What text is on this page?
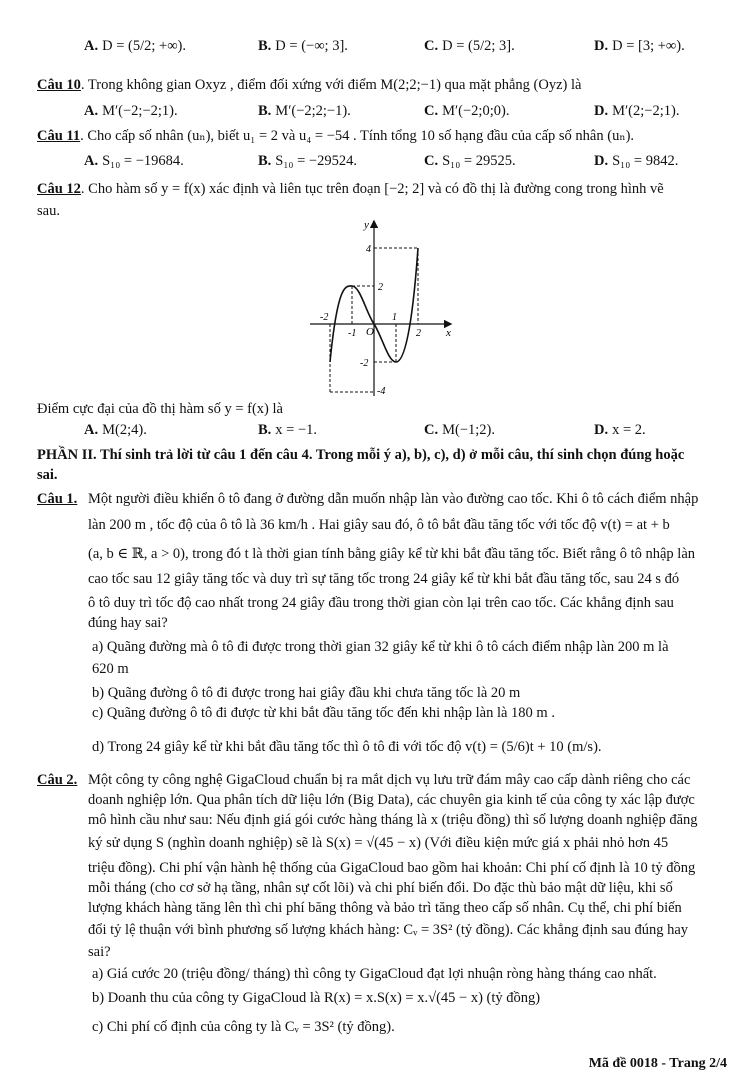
A. D = (5/2; +∞).	B. D = (−∞; 3].	C. D = (5/2; 3].	D. D = [3; +∞).
Câu 10. Trong không gian Oxyz , điểm đối xứng với điểm M(2;2;−1) qua mặt phẳng (Oyz) là
A. M′(−2;−2;1).	B. M′(−2;2;−1).	C. M′(−2;0;0).	D. M′(2;−2;1).
Câu 11. Cho cấp số nhân (uₙ), biết u₁ = 2 và u₄ = −54 . Tính tổng 10 số hạng đầu của cấp số nhân (uₙ).
A. S₁₀ = −19684.	B. S₁₀ = −29524.	C. S₁₀ = 29525.	D. S₁₀ = 9842.
Câu 12. Cho hàm số y = f(x) xác định và liên tục trên đoạn [−2; 2] và có đồ thị là đường cong trong hình vẽ
sau.
y
x
O
4
2
-2
-4
-2
-1
1
2
Điểm cực đại của đồ thị hàm số y = f(x) là
A. M(2;4).	B. x = −1.	C. M(−1;2).	D. x = 2.
PHẦN II. Thí sinh trả lời từ câu 1 đến câu 4. Trong mỗi ý a), b), c), d) ở mỗi câu, thí sinh chọn đúng hoặc
sai.
Câu 1. Một người điều khiển ô tô đang ở đường dẫn muốn nhập làn vào đường cao tốc. Khi ô tô cách điểm nhập
làn 200 m , tốc độ của ô tô là 36 km/h . Hai giây sau đó, ô tô bắt đầu tăng tốc với tốc độ v(t) = at + b
(a, b ∈ ℝ, a > 0), trong đó t là thời gian tính bằng giây kể từ khi bắt đầu tăng tốc. Biết rằng ô tô nhập làn
cao tốc sau 12 giây tăng tốc và duy trì sự tăng tốc trong 24 giây kể từ khi bắt đầu tăng tốc, sau 24 s đó
ô tô duy trì tốc độ cao nhất trong 24 giây đầu trong thời gian còn lại trên cao tốc. Các khẳng định sau
đúng hay sai?
a) Quãng đường mà ô tô đi được trong thời gian 32 giây kể từ khi ô tô cách điểm nhập làn 200 m là
620 m
b) Quãng đường ô tô đi được trong hai giây đầu khi chưa tăng tốc là 20 m
c) Quãng đường ô tô đi được từ khi bắt đầu tăng tốc đến khi nhập làn là 180 m .
d) Trong 24 giây kể từ khi bắt đầu tăng tốc thì ô tô đi với tốc độ v(t) = (5/6)t + 10 (m/s).
Câu 2. Một công ty công nghệ GigaCloud chuẩn bị ra mắt dịch vụ lưu trữ đám mây cao cấp dành riêng cho các
doanh nghiệp lớn. Qua phân tích dữ liệu lớn (Big Data), các chuyên gia kinh tế của công ty xác lập được
mô hình cầu như sau: Nếu định giá gói cước hàng tháng là x (triệu đồng) thì số lượng doanh nghiệp đăng
ký sử dụng S (nghìn doanh nghiệp) sẽ là S(x) = √(45 − x) (Với điều kiện mức giá x phải nhỏ hơn 45
triệu đồng). Chi phí vận hành hệ thống của GigaCloud bao gồm hai khoản: Chi phí cố định là 10 tỷ đồng
mỗi tháng (cho cơ sở hạ tầng, nhân sự cốt lõi) và chi phí biến đổi. Do đặc thù bảo mật dữ liệu, khi số
lượng khách hàng tăng lên thì chi phí băng thông và bảo trì tăng theo cấp số nhân. Cụ thể, chi phí biến
đổi tỷ lệ thuận với bình phương số lượng khách hàng: Cᵥ = 3S² (tỷ đồng). Các khẳng định sau đúng hay
sai?
a) Giá cước 20 (triệu đồng/ tháng) thì công ty GigaCloud đạt lợi nhuận ròng hàng tháng cao nhất.
b) Doanh thu của công ty GigaCloud là R(x) = x.S(x) = x.√(45 − x) (tỷ đồng)
c) Chi phí cố định của công ty là Cᵥ = 3S² (tỷ đồng).
Mã đề 0018 - Trang 2/4
